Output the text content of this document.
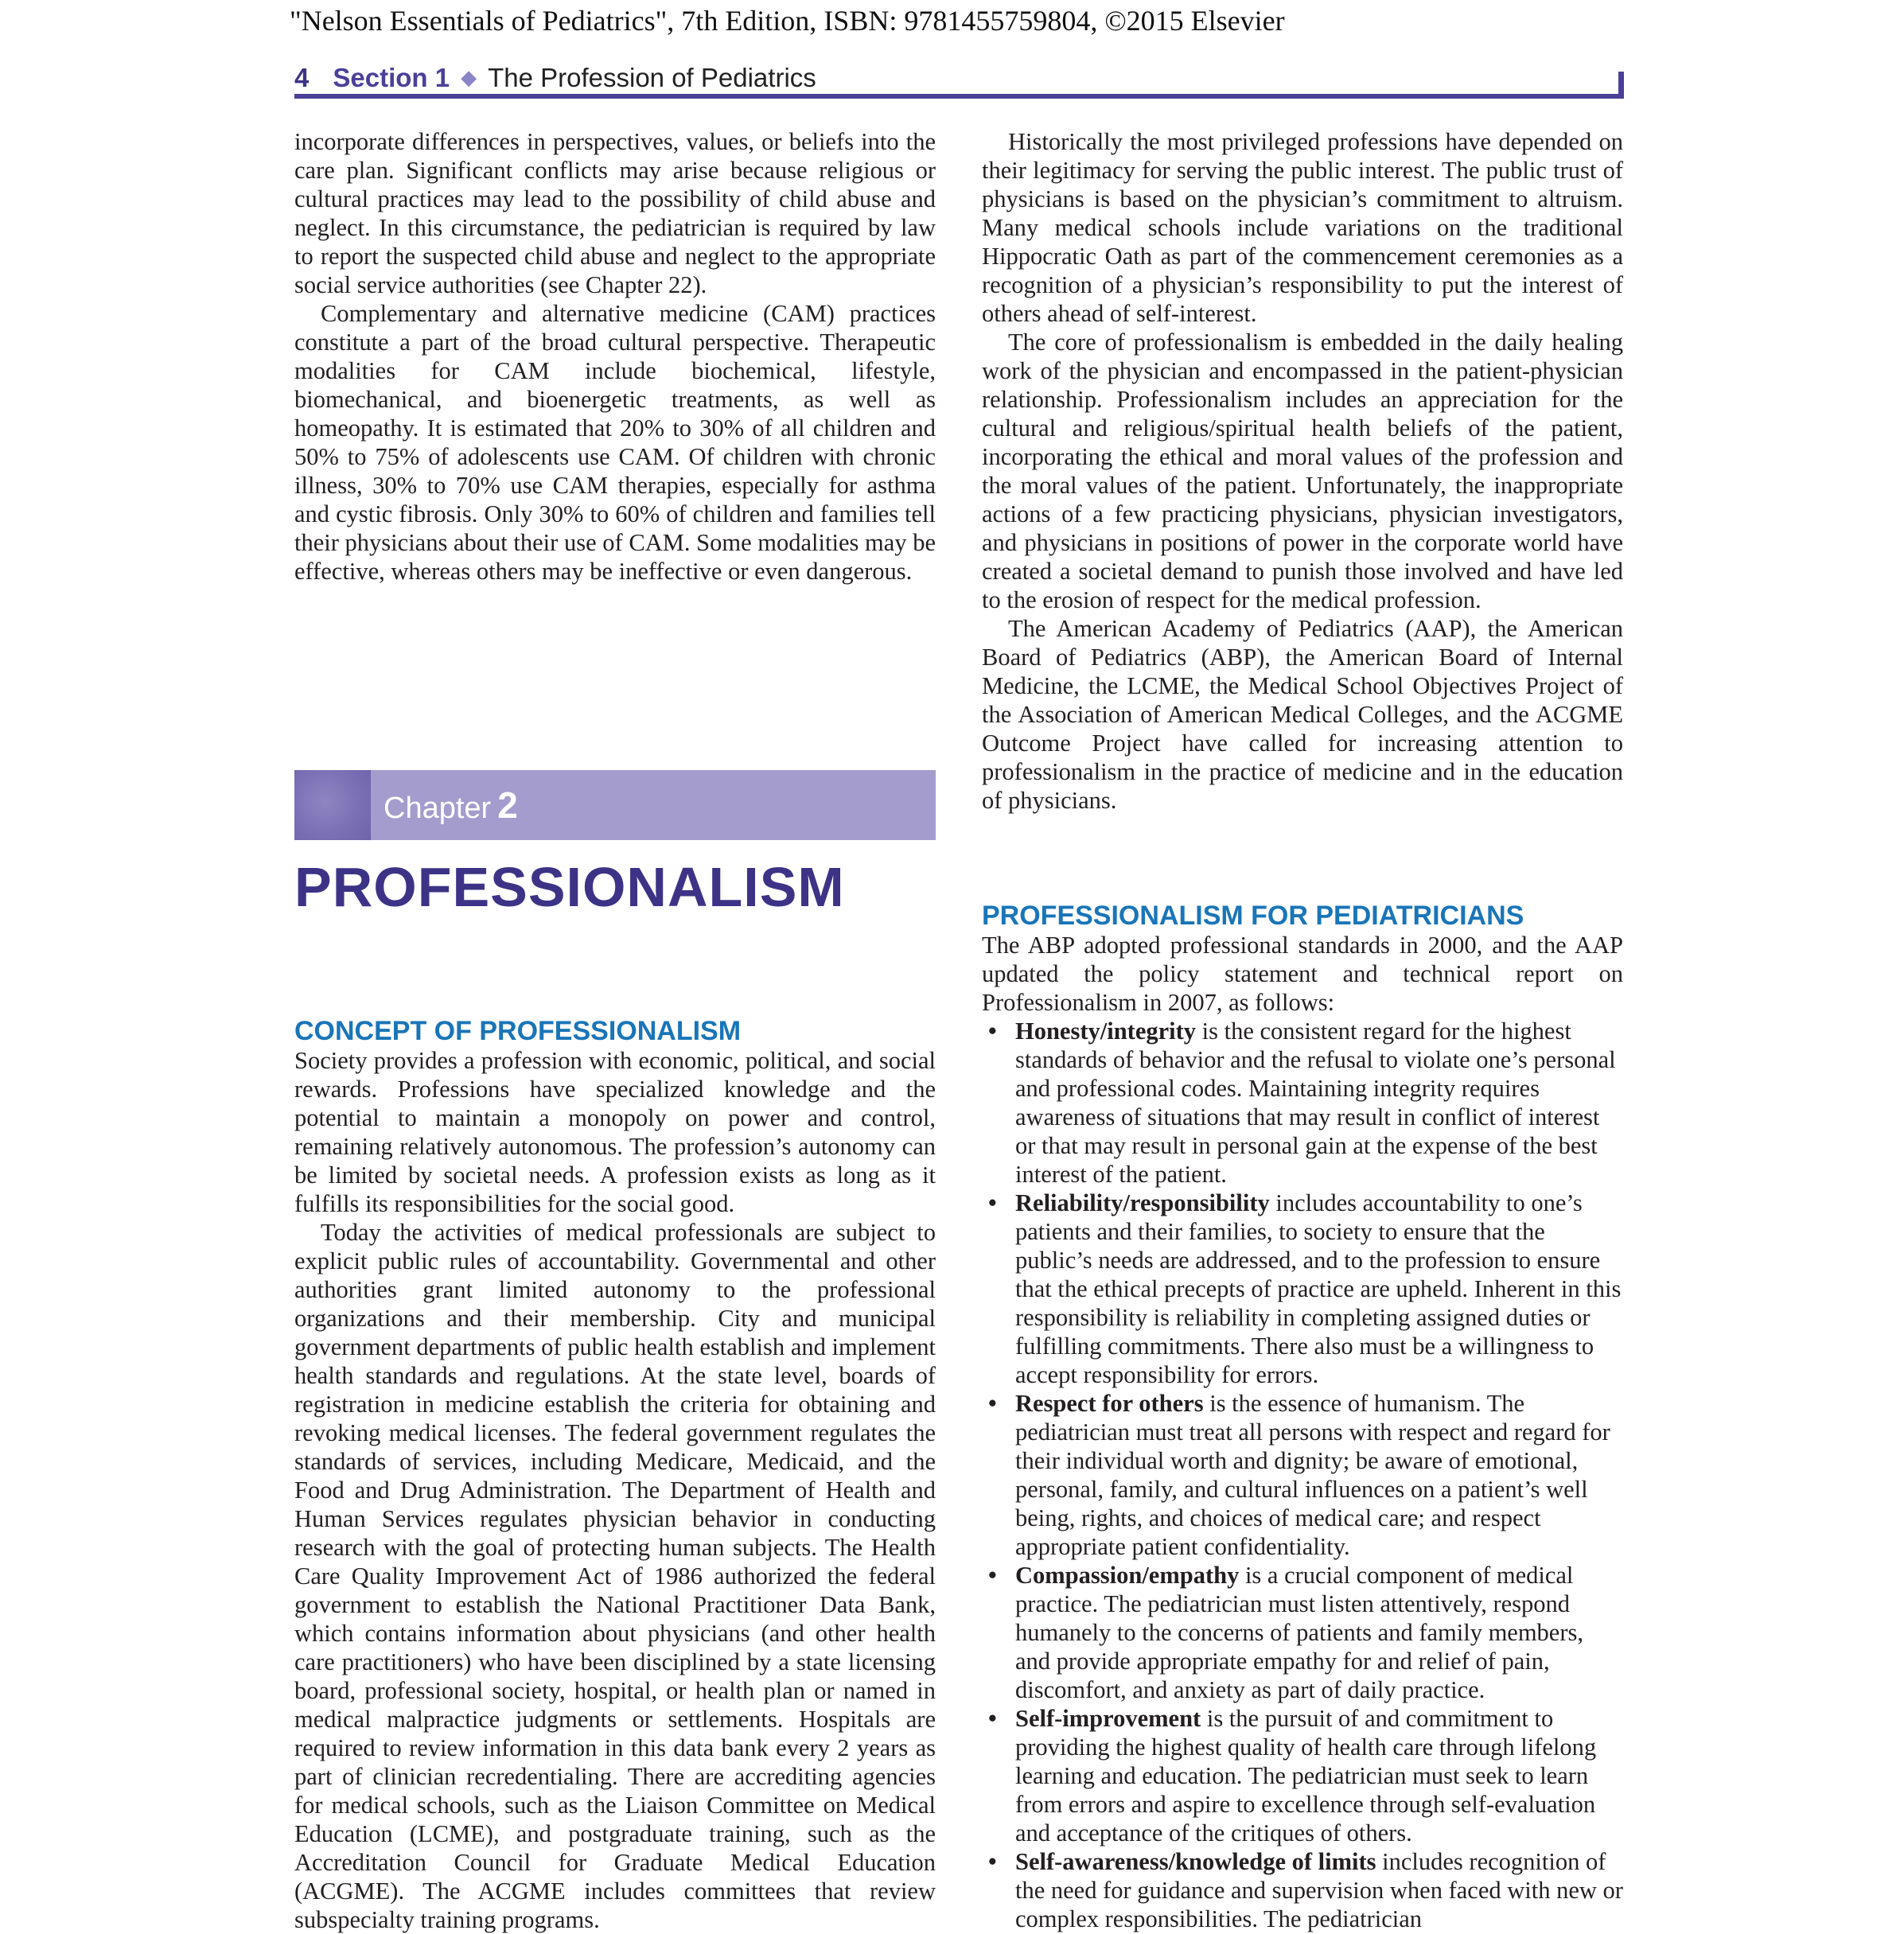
"Nelson Essentials of Pediatrics", 7th Edition, ISBN: 9781455759804, ©2015 Elsevier
4 Section 1 ◆ The Profession of Pediatrics

incorporate differences in perspectives, values, or beliefs into the care plan. Significant conflicts may arise because religious or cultural practices may lead to the possibility of child abuse and neglect. In this circumstance, the pediatrician is required by law to report the suspected child abuse and neglect to the appropriate social service authorities (see Chapter 22).

Complementary and alternative medicine (CAM) practices constitute a part of the broad cultural perspective. Therapeutic modalities for CAM include biochemical, lifestyle, biomechanical, and bioenergetic treatments, as well as homeopathy. It is estimated that 20% to 30% of all children and 50% to 75% of adolescents use CAM. Of children with chronic illness, 30% to 70% use CAM therapies, especially for asthma and cystic fibrosis. Only 30% to 60% of children and families tell their physicians about their use of CAM. Some modalities may be effective, whereas others may be ineffective or even dangerous.

Chapter 2
PROFESSIONALISM
CONCEPT OF PROFESSIONALISM

Society provides a profession with economic, political, and social rewards. Professions have specialized knowledge and the potential to maintain a monopoly on power and control, remaining relatively autonomous. The profession’s autonomy can be limited by societal needs. A profession exists as long as it fulfills its responsibilities for the social good.

Today the activities of medical professionals are subject to explicit public rules of accountability. Governmental and other authorities grant limited autonomy to the professional organizations and their membership. City and municipal government departments of public health establish and implement health standards and regulations. At the state level, boards of registration in medicine establish the criteria for obtaining and revoking medical licenses. The federal government regulates the standards of services, including Medicare, Medicaid, and the Food and Drug Administration. The Department of Health and Human Services regulates physician behavior in conducting research with the goal of protecting human subjects. The Health Care Quality Improvement Act of 1986 authorized the federal government to establish the National Practitioner Data Bank, which contains information about physicians (and other health care practitioners) who have been disciplined by a state licensing board, professional society, hospital, or health plan or named in medical malpractice judgments or settlements. Hospitals are required to review information in this data bank every 2 years as part of clinician recredentialing. There are accrediting agencies for medical schools, such as the Liaison Committee on Medical Education (LCME), and postgraduate training, such as the Accreditation Council for Graduate Medical Education (ACGME). The ACGME includes committees that review subspecialty training programs.

Historically the most privileged professions have depended on their legitimacy for serving the public interest. The public trust of physicians is based on the physician’s commitment to altruism. Many medical schools include variations on the traditional Hippocratic Oath as part of the commencement ceremonies as a recognition of a physician’s responsibility to put the interest of others ahead of self-interest.

The core of professionalism is embedded in the daily healing work of the physician and encompassed in the patient-physician relationship. Professionalism includes an appreciation for the cultural and religious/spiritual health beliefs of the patient, incorporating the ethical and moral values of the profession and the moral values of the patient. Unfortunately, the inappropriate actions of a few practicing physicians, physician investigators, and physicians in positions of power in the corporate world have created a societal demand to punish those involved and have led to the erosion of respect for the medical profession.

The American Academy of Pediatrics (AAP), the American Board of Pediatrics (ABP), the American Board of Internal Medicine, the LCME, the Medical School Objectives Project of the Association of American Medical Colleges, and the ACGME Outcome Project have called for increasing attention to professionalism in the practice of medicine and in the education of physicians.

PROFESSIONALISM FOR PEDIATRICIANS

The ABP adopted professional standards in 2000, and the AAP updated the policy statement and technical report on Professionalism in 2007, as follows:

• Honesty/integrity is the consistent regard for the highest standards of behavior and the refusal to violate one’s personal and professional codes. Maintaining integrity requires awareness of situations that may result in conflict of interest or that may result in personal gain at the expense of the best interest of the patient.
• Reliability/responsibility includes accountability to one’s patients and their families, to society to ensure that the public’s needs are addressed, and to the profession to ensure that the ethical precepts of practice are upheld. Inherent in this responsibility is reliability in completing assigned duties or fulfilling commitments. There also must be a willingness to accept responsibility for errors.
• Respect for others is the essence of humanism. The pediatrician must treat all persons with respect and regard for their individual worth and dignity; be aware of emotional, personal, family, and cultural influences on a patient’s well being, rights, and choices of medical care; and respect appropriate patient confidentiality.
• Compassion/empathy is a crucial component of medical practice. The pediatrician must listen attentively, respond humanely to the concerns of patients and family members, and provide appropriate empathy for and relief of pain, discomfort, and anxiety as part of daily practice.
• Self-improvement is the pursuit of and commitment to providing the highest quality of health care through lifelong learning and education. The pediatrician must seek to learn from errors and aspire to excellence through self-evaluation and acceptance of the critiques of others.
• Self-awareness/knowledge of limits includes recognition of the need for guidance and supervision when faced with new or complex responsibilities. The pediatrician
